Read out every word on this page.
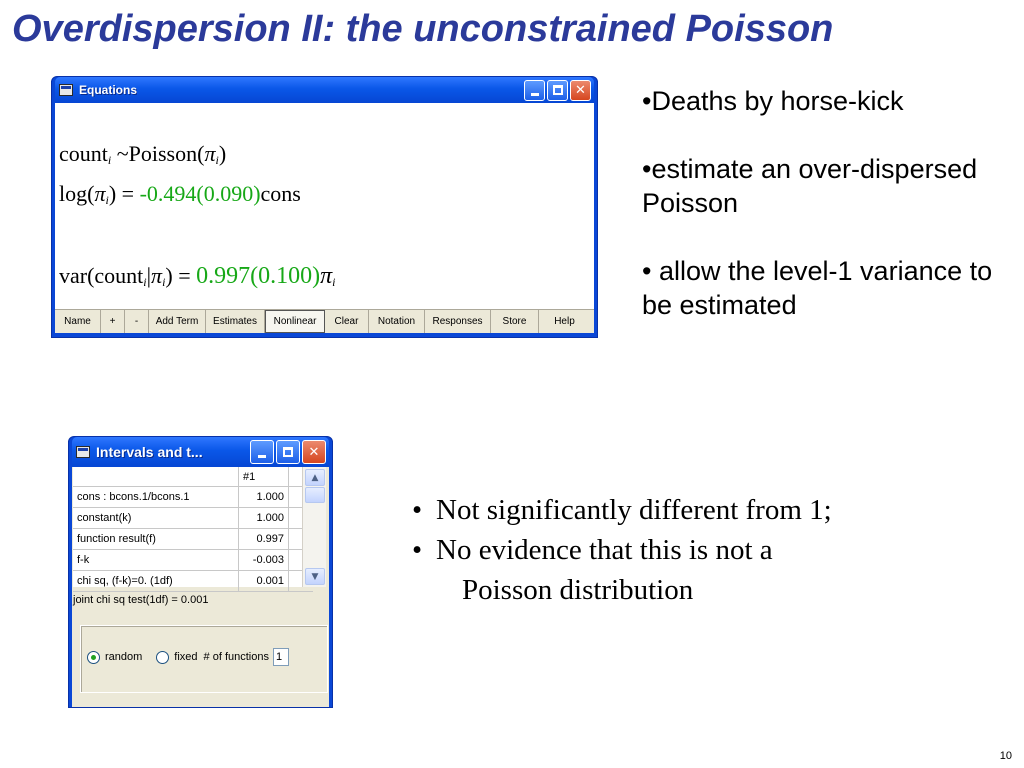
Overdispersion II: the unconstrained Poisson
Equations	✕
count$_i$ $\sim Poisson(\pi_i)$
$\log(\pi_i)$ = -0.494(0.090)cons
$var(count_i|\pi_i) = 0.997(0.100)\pi_i$
Name	+	-	Add Term	Estimates	Nonlinear	Clear	Notation	Responses	Store	Help
Intervals and t...	✕
#1
cons : bcons.1/bcons.1	1.000
constant(k)	1.000
function result(f)	0.997
f-k	-0.003
chi sq, (f-k)=0. (1df)	0.001
▲
▼
joint chi sq test(1df) = 0.001
random	fixed # of functions 1

•Deaths by horse-kick

•estimate an over-dispersed Poisson

• allow the level-1 variance to be estimated

• Not significantly different from 1;
• No evidence that this is not a
Poisson distribution
10
